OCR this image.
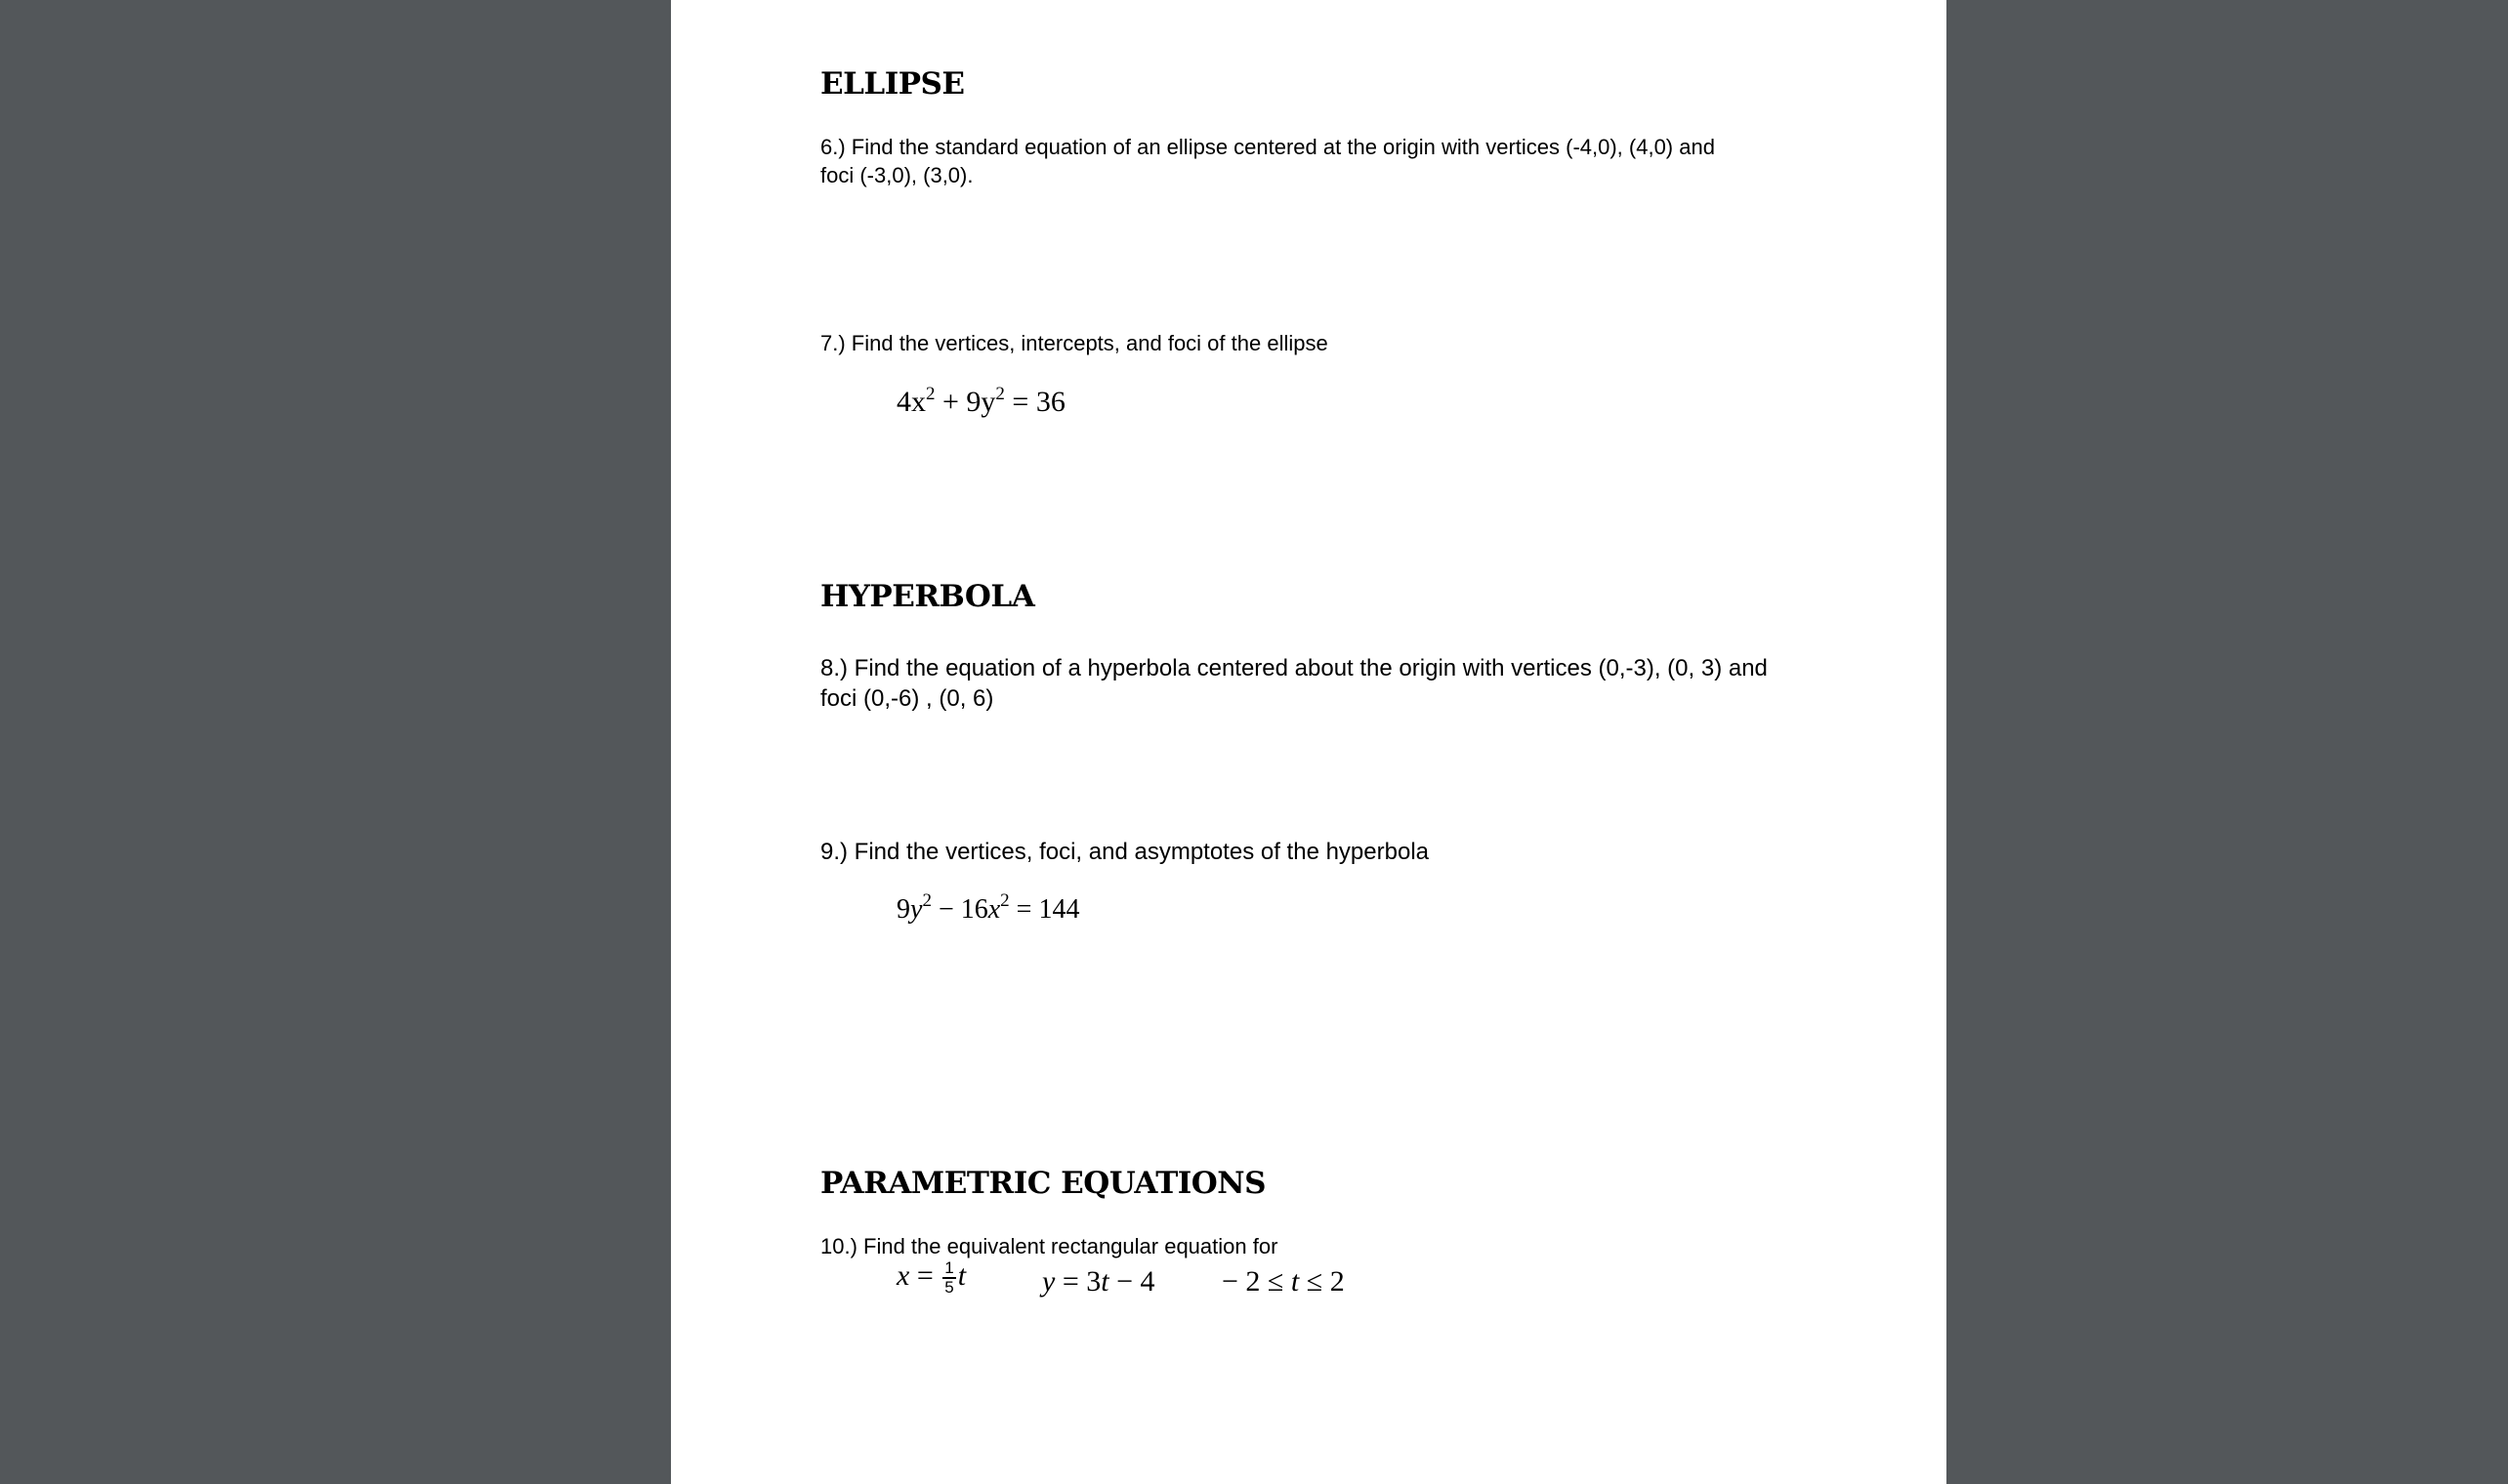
ELLIPSE
6.) Find the standard equation of an ellipse centered at the origin with vertices (-4,0), (4,0) and
foci (-3,0), (3,0).
7.) Find the vertices, intercepts, and foci of the ellipse
$4x^2 + 9y^2 = 36$
HYPERBOLA
8.) Find the equation of a hyperbola centered about the origin with vertices (0,-3), (0, 3) and
foci (0,-6) , (0, 6)
9.) Find the vertices, foci, and asymptotes of the hyperbola
$9y^2 - 16x^2 = 144$
PARAMETRIC EQUATIONS
10.) Find the equivalent rectangular equation for
$x = \frac{1}{5}$ t	y = 3t − 4 − 2 ≤ t ≤ 2
